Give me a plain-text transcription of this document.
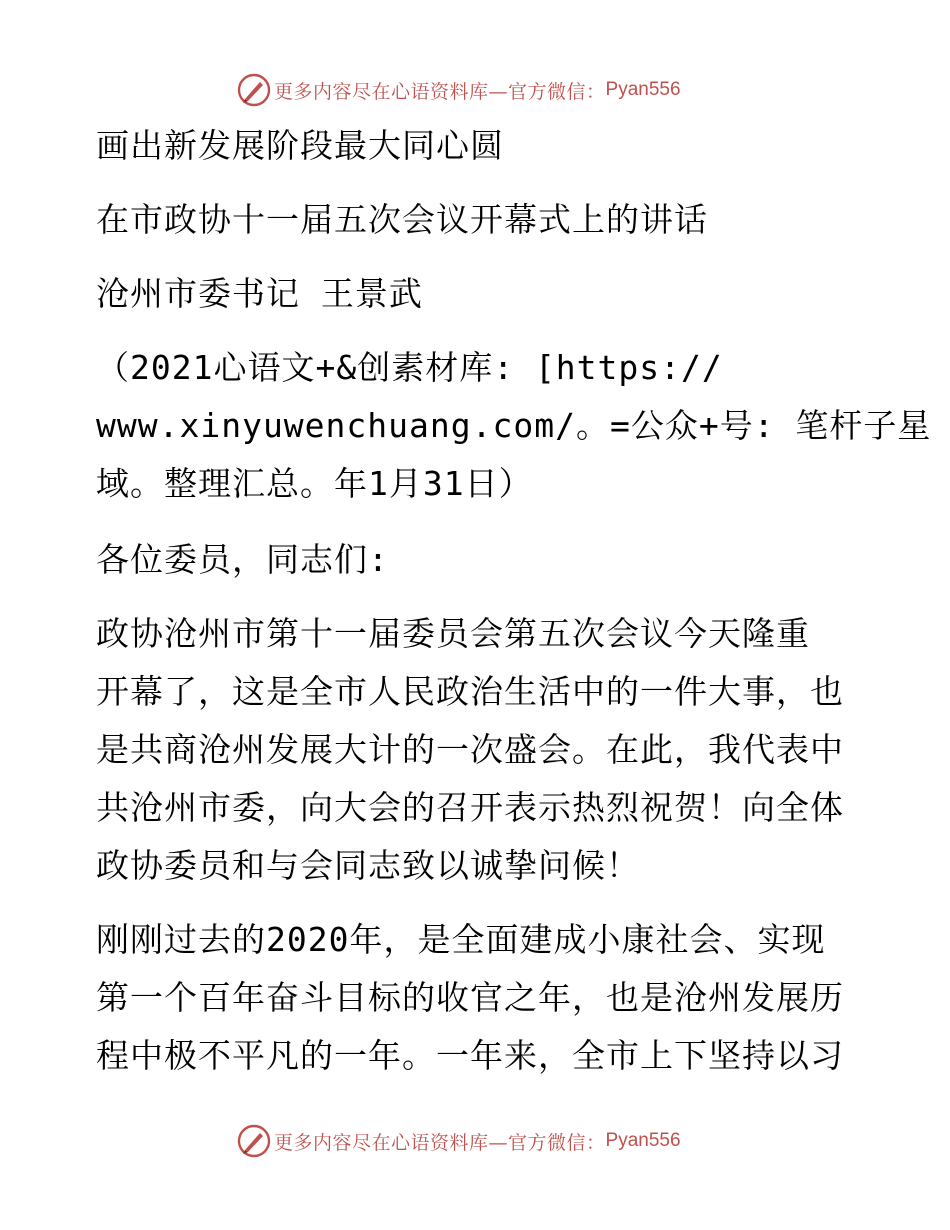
更多内容尽在心语资料库—官方微信： Pyan556
画出新发展阶段最大同心圆
在市政协十一届五次会议开幕式上的讲话
沧州市委书记 王景武
（2021心语文+&创素材库: [https://
www.xinyuwenchuang.com/。=公众+号: 笔杆子星
域。整理汇总。年1月31日）
各位委员，同志们:
政协沧州市第十一届委员会第五次会议今天隆重
开幕了，这是全市人民政治生活中的一件大事，也
是共商沧州发展大计的一次盛会。在此，我代表中
共沧州市委，向大会的召开表示热烈祝贺！向全体
政协委员和与会同志致以诚挚问候！
刚刚过去的2020年，是全面建成小康社会、实现
第一个百年奋斗目标的收官之年，也是沧州发展历
程中极不平凡的一年。一年来，全市上下坚持以习
更多内容尽在心语资料库—官方微信： Pyan556
